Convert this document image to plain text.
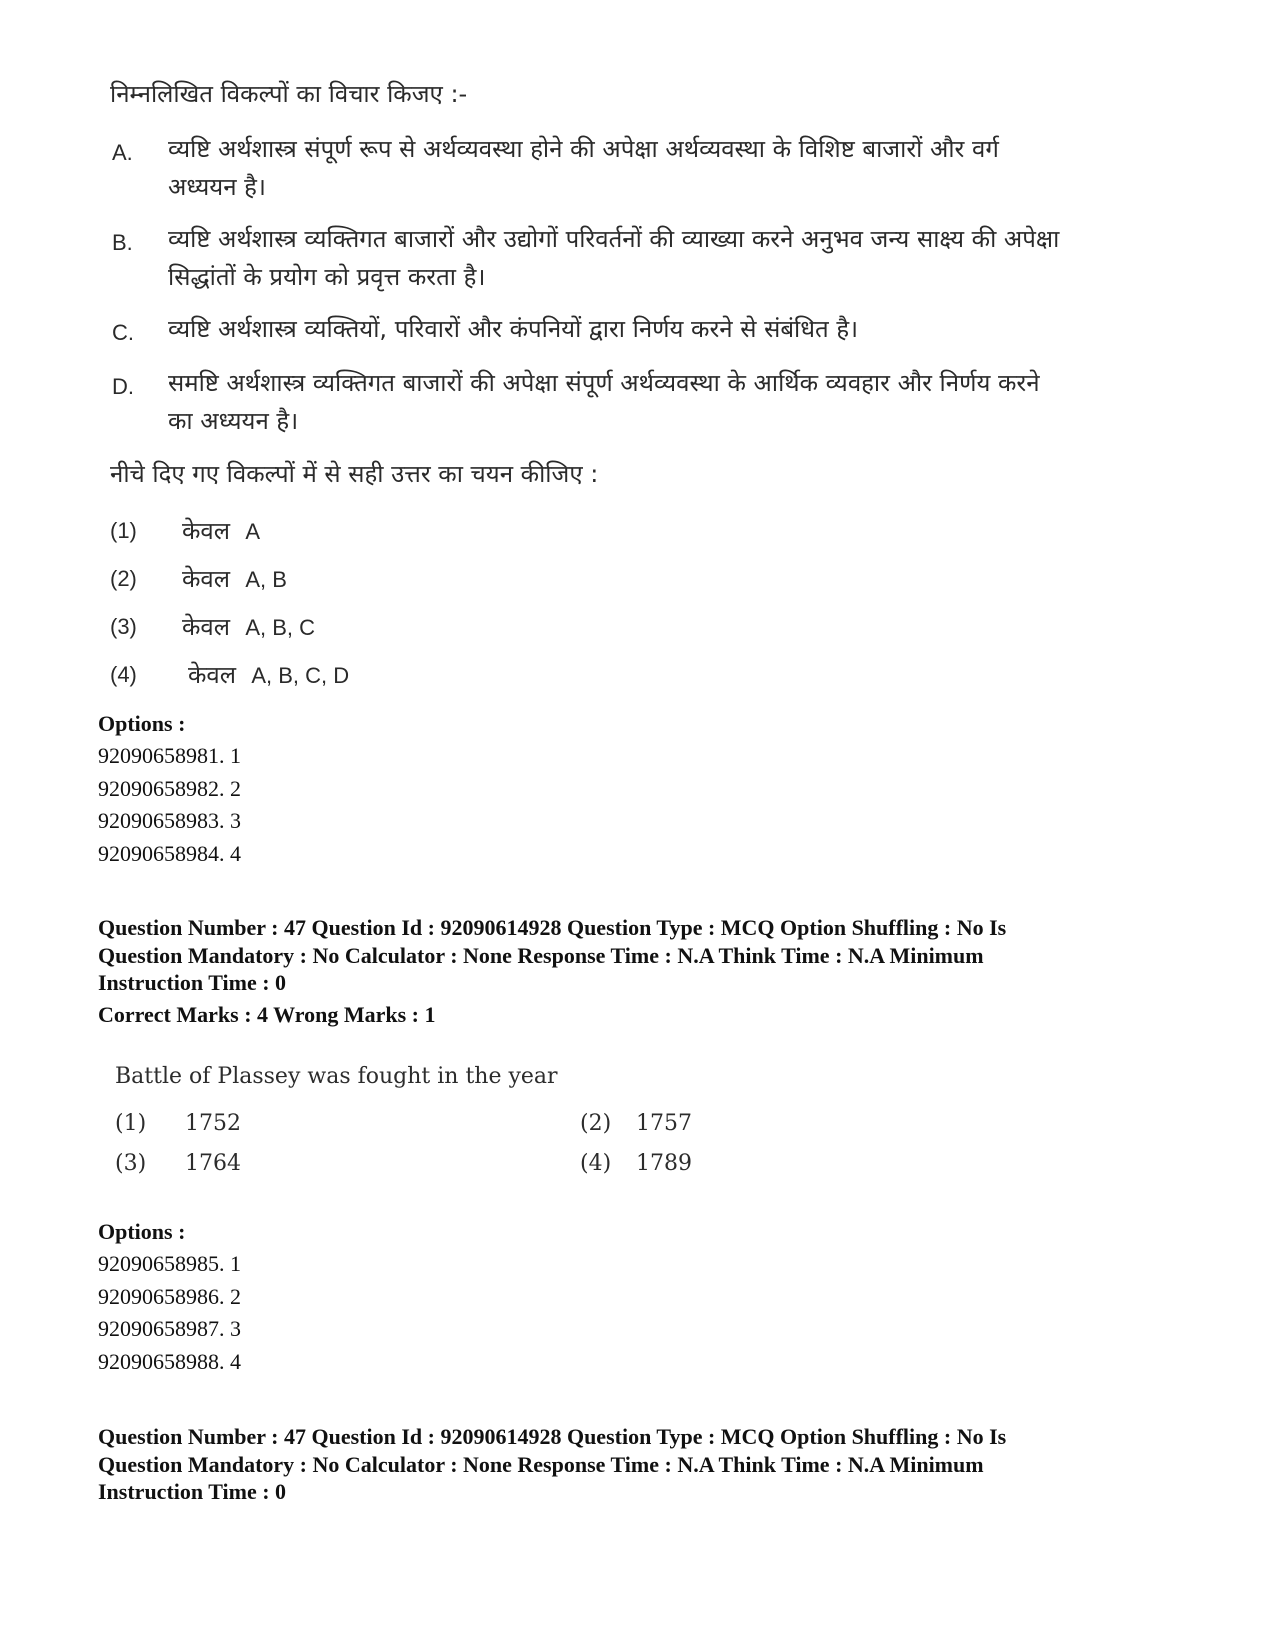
निम्नलिखित विकल्पों का विचार किजए :-
A. व्यष्टि अर्थशास्त्र संपूर्ण रूप से अर्थव्यवस्था होने की अपेक्षा अर्थव्यवस्था के विशिष्ट बाजारों और वर्ग
अध्ययन है।
B. व्यष्टि अर्थशास्त्र व्यक्तिगत बाजारों और उद्योगों परिवर्तनों की व्याख्या करने अनुभव जन्य साक्ष्य की अपेक्षा
सिद्धांतों के प्रयोग को प्रवृत्त करता है।
C. व्यष्टि अर्थशास्त्र व्यक्तियों, परिवारों और कंपनियों द्वारा निर्णय करने से संबंधित है।
D. समष्टि अर्थशास्त्र व्यक्तिगत बाजारों की अपेक्षा संपूर्ण अर्थव्यवस्था के आर्थिक व्यवहार और निर्णय करने
का अध्ययन है।
नीचे दिए गए विकल्पों में से सही उत्तर का चयन कीजिए :
(1) केवल A
(2) केवल A, B
(3) केवल A, B, C
(4) केवल A, B, C, D
Options :
92090658981. 1
92090658982. 2
92090658983. 3
92090658984. 4
Question Number : 47 Question Id : 92090614928 Question Type : MCQ Option Shuffling : No Is
Question Mandatory : No Calculator : None Response Time : N.A Think Time : N.A Minimum
Instruction Time : 0
Correct Marks : 4 Wrong Marks : 1
Battle of Plassey was fought in the year
(1) 1752	(2) 1757
(3) 1764	(4) 1789
Options :
92090658985. 1
92090658986. 2
92090658987. 3
92090658988. 4
Question Number : 47 Question Id : 92090614928 Question Type : MCQ Option Shuffling : No Is
Question Mandatory : No Calculator : None Response Time : N.A Think Time : N.A Minimum
Instruction Time : 0
